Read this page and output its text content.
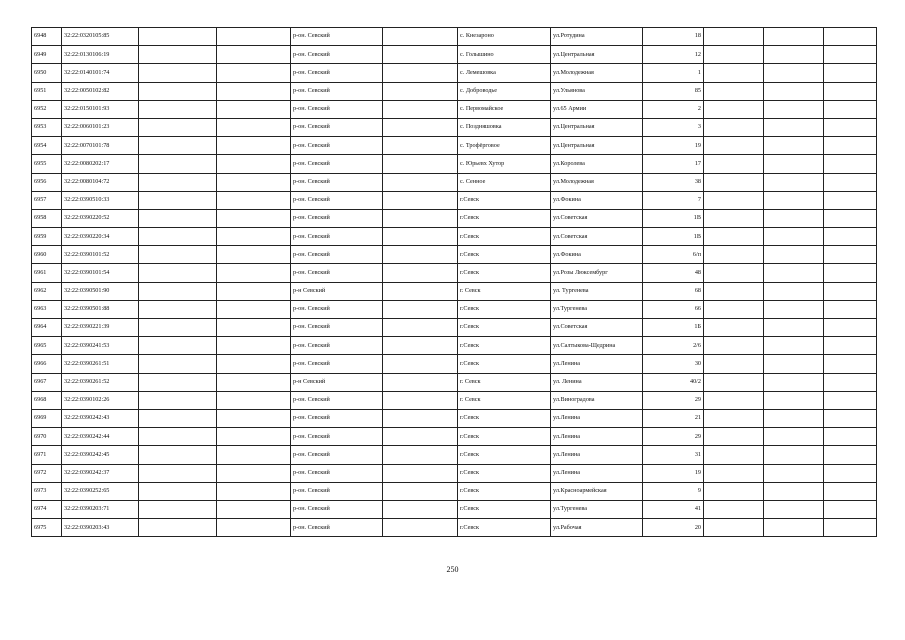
6948	32:22:0320105:85			р-он. Севский		с. Кнезароно	ул.Ротудина	18			
6949	32:22:0130106:19			р-он. Севский		с. Голышино	ул.Центральная	12			
6950	32:22:0140101:74			р-он. Севский		с. Лемешовка	ул.Молодежная	1			
6951	32:22:0050102:82			р-он. Севский		с. Доброводье	ул.Ульянова	85			
6952	32:22:0150101:93			р-он. Севский		с. Первомайское	ул.65 Армии	2			
6953	32:22:0060101:23			р-он. Севский		с. Поздняшовка	ул.Центральная	3			
6954	32:22:0070101:78			р-он. Севский		с. Трофёрговое	ул.Центральная	19			
6955	32:22:0080202:17			р-он. Севский		с. Юрьевх Хутор	ул.Королева	17			
6956	32:22:0080104:72			р-он. Севский		с. Сенное	ул.Молодежная	38			
6957	32:22:0390510:33			р-он. Севский		г.Севск	ул.Фокина	7			
6958	32:22:0390220:52			р-он. Севский		г.Севск	ул.Советская	1В			
6959	32:22:0390220:34			р-он. Севский		г.Севск	ул.Советская	1В			
6960	32:22:0390101:52			р-он. Севский		г.Севск	ул.Фокина	6/п			
6961	32:22:0390101:54			р-он. Севский		г.Севск	ул.Розы Люксембург	48			
6962	32:22:0390501:90			р-н Севский		г. Севск	ул. Тургенева	68			
6963	32:22:0390501:88			р-он. Севский		г.Севск	ул.Тургенева	66			
6964	32:22:0390221:39			р-он. Севский		г.Севск	ул.Советская	1Б			
6965	32:22:0390241:53			р-он. Севский		г.Севск	ул.Салтыкова-Щедрина	2/6			
6966	32:22:0390261:51			р-он. Севский		г.Севск	ул.Ленина	30			
6967	32:22:0390261:52			р-н Севский		г. Севск	ул. Ленина	40/2			
6968	32:22:0390102:26			р-он. Севский		г. Севск	ул.Виноградова	29			
6969	32:22:0390242:43			р-он. Севский		г.Севск	ул.Ленина	21			
6970	32:22:0390242:44			р-он. Севский		г.Севск	ул.Ленина	29			
6971	32:22:0390242:45			р-он. Севский		г.Севск	ул.Ленина	31			
6972	32:22:0390242:37			р-он. Севский		г.Севск	ул.Ленина	19			
6973	32:22:0390252:65			р-он. Севский		г.Севск	ул.Красноармейская	9			
6974	32:22:0390203:71			р-он. Севский		г.Севск	ул.Тургенева	41			
6975	32:22:0390203:43			р-он. Севский		г.Севск	ул.Рабочая	20			
250
